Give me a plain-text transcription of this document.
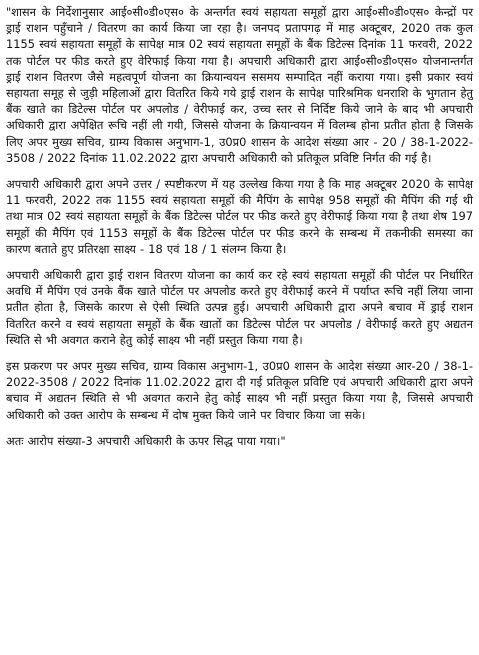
"शासन के निर्देशानुसार आई०सी०डी०एस० के अन्तर्गत स्वयं सहायता समूहों द्वारा आई०सी०डी०एस० केन्द्रों पर ड्राई राशन पहुँचाने / वितरण का कार्य किया जा रहा है। जनपद प्रतापगढ़ में माह अक्टूबर, 2020 तक कुल 1155 स्वयं सहायता समूहों के सापेक्ष मात्र 02 स्वयं सहायता समूहों के बैंक डिटेल्स दिनांक 11 फरवरी, 2022 तक पोर्टल पर फीड करते हुए वेरिफाई किया गया है। अपचारी अधिकारी द्वारा आई०सी०डी०एस० योजनान्तर्गत ड्राई राशन वितरण जैसे महत्वपूर्ण योजना का क्रियान्वयन ससमय सम्पादित नहीं कराया गया। इसी प्रकार स्वयं सहायता समूह से जुड़ी महिलाओं द्वारा वितरित किये गये ड्राई राशन के सापेक्ष पारिश्रमिक धनराशि के भुगतान हेतु बैंक खाते का डिटेल्स पोर्टल पर अपलोड / वेरीफाई कर, उच्च स्तर से निर्दिष्ट किये जाने के बाद भी अपचारी अधिकारी द्वारा अपेक्षित रूचि नहीं ली गयी, जिससे योजना के क्रियान्वयन में विलम्ब होना प्रतीत होता है जिसके लिए अपर मुख्य सचिव, ग्राम्य विकास अनुभाग-1, उ0प्र0 शासन के आदेश संख्या आर - 20 / 38-1-2022-3508 / 2022 दिनांक 11.02.2022 द्वारा अपचारी अधिकारी को प्रतिकूल प्रविष्टि निर्गत की गई है।

अपचारी अधिकारी द्वारा अपने उत्तर / स्पष्टीकरण में यह उल्लेख किया गया है कि माह अक्टूबर 2020 के सापेक्ष 11 फरवरी, 2022 तक 1155 स्वयं सहायता समूहों की मैपिंग के सापेक्ष 958 समूहों की मैपिंग की गई थी तथा मात्र 02 स्वयं सहायता समूहों के बैंक डिटेल्स पोर्टल पर फीड करते हुए वेरीफाई किया गया है तथा शेष 197 समूहों की मैपिंग एवं 1153 समूहों के बैंक डिटेल्स पोर्टल पर फीड करने के सम्बन्ध में तकनीकी समस्या का कारण बताते हुए प्रतिरक्षा साक्ष्य - 18 एवं 18 / 1 संलग्न किया है।

अपचारी अधिकारी द्वारा ड्राई राशन वितरण योजना का कार्य कर रहे स्वयं सहायता समूहों की पोर्टल पर निर्धारित अवधि में मैपिंग एवं उनके बैंक खाते पोर्टल पर अपलोड करते हुए वेरीफाई करने में पर्याप्त रूचि नहीं लिया जाना प्रतीत होता है, जिसके कारण से ऐसी स्थिति उत्पन्न हुई। अपचारी अधिकारी द्वारा अपने बचाव में ड्राई राशन वितरित करने व स्वयं सहायता समूहों के बैंक खातों का डिटेल्स पोर्टल पर अपलोड / वेरीफाई करते हुए अद्यतन स्थिति से भी अवगत कराने हेतु कोई साक्ष्य भी नहीं प्रस्तुत किया गया है।

इस प्रकरण पर अपर मुख्य सचिव, ग्राम्य विकास अनुभाग-1, उ0प्र0 शासन के आदेश संख्या आर-20 / 38-1-2022-3508 / 2022 दिनांक 11.02.2022 द्वारा दी गई प्रतिकूल प्रविष्टि एवं अपचारी अधिकारी द्वारा अपने बचाव में अद्यतन स्थिति से भी अवगत कराने हेतु कोई साक्ष्य भी नहीं प्रस्तुत किया गया है, जिससे अपचारी अधिकारी को उक्त आरोप के सम्बन्ध में दोष मुक्त किये जाने पर विचार किया जा सके।

अतः आरोप संख्या-3 अपचारी अधिकारी के ऊपर सिद्ध पाया गया।"
